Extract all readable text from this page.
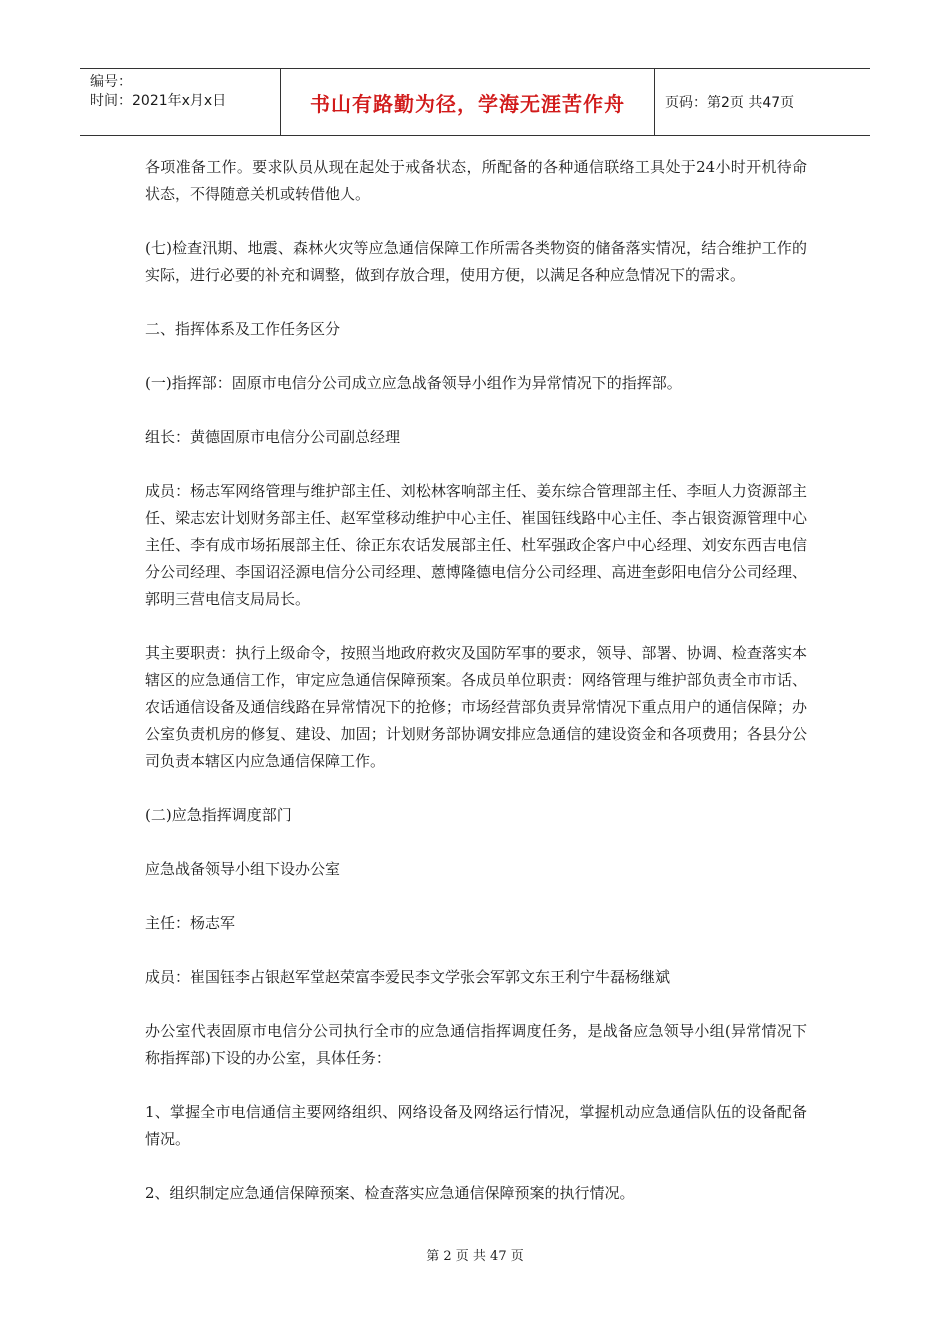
编号：
时间：2021年x月x日	书山有路勤为径，学海无涯苦作舟	页码：第2页 共47页

各项准备工作。要求队员从现在起处于戒备状态，所配备的各种通信联络工具处于24小时开机待命状态，不得随意关机或转借他人。

(七)检查汛期、地震、森林火灾等应急通信保障工作所需各类物资的储备落实情况，结合维护工作的实际，进行必要的补充和调整，做到存放合理，使用方便，以满足各种应急情况下的需求。

二、指挥体系及工作任务区分

(一)指挥部：固原市电信分公司成立应急战备领导小组作为异常情况下的指挥部。

组长：黄德固原市电信分公司副总经理

成员：杨志军网络管理与维护部主任、刘松林客响部主任、姜东综合管理部主任、李晅人力资源部主任、梁志宏计划财务部主任、赵军堂移动维护中心主任、崔国钰线路中心主任、李占银资源管理中心主任、李有成市场拓展部主任、徐正东农话发展部主任、杜军强政企客户中心经理、刘安东西吉电信分公司经理、李国诏泾源电信分公司经理、蒽博隆德电信分公司经理、高进奎彭阳电信分公司经理、郭明三营电信支局局长。

其主要职责：执行上级命令，按照当地政府救灾及国防军事的要求，领导、部署、协调、检查落实本辖区的应急通信工作，审定应急通信保障预案。各成员单位职责：网络管理与维护部负责全市市话、农话通信设备及通信线路在异常情况下的抢修；市场经营部负责异常情况下重点用户的通信保障；办公室负责机房的修复、建设、加固；计划财务部协调安排应急通信的建设资金和各项费用；各县分公司负责本辖区内应急通信保障工作。

(二)应急指挥调度部门

应急战备领导小组下设办公室

主任：杨志军

成员：崔国钰李占银赵军堂赵荣富李爱民李文学张会军郭文东王利宁牛磊杨继斌

办公室代表固原市电信分公司执行全市的应急通信指挥调度任务，是战备应急领导小组(异常情况下称指挥部)下设的办公室，具体任务：

1、掌握全市电信通信主要网络组织、网络设备及网络运行情况，掌握机动应急通信队伍的设备配备情况。

2、组织制定应急通信保障预案、检查落实应急通信保障预案的执行情况。

第 2 页 共 47 页
